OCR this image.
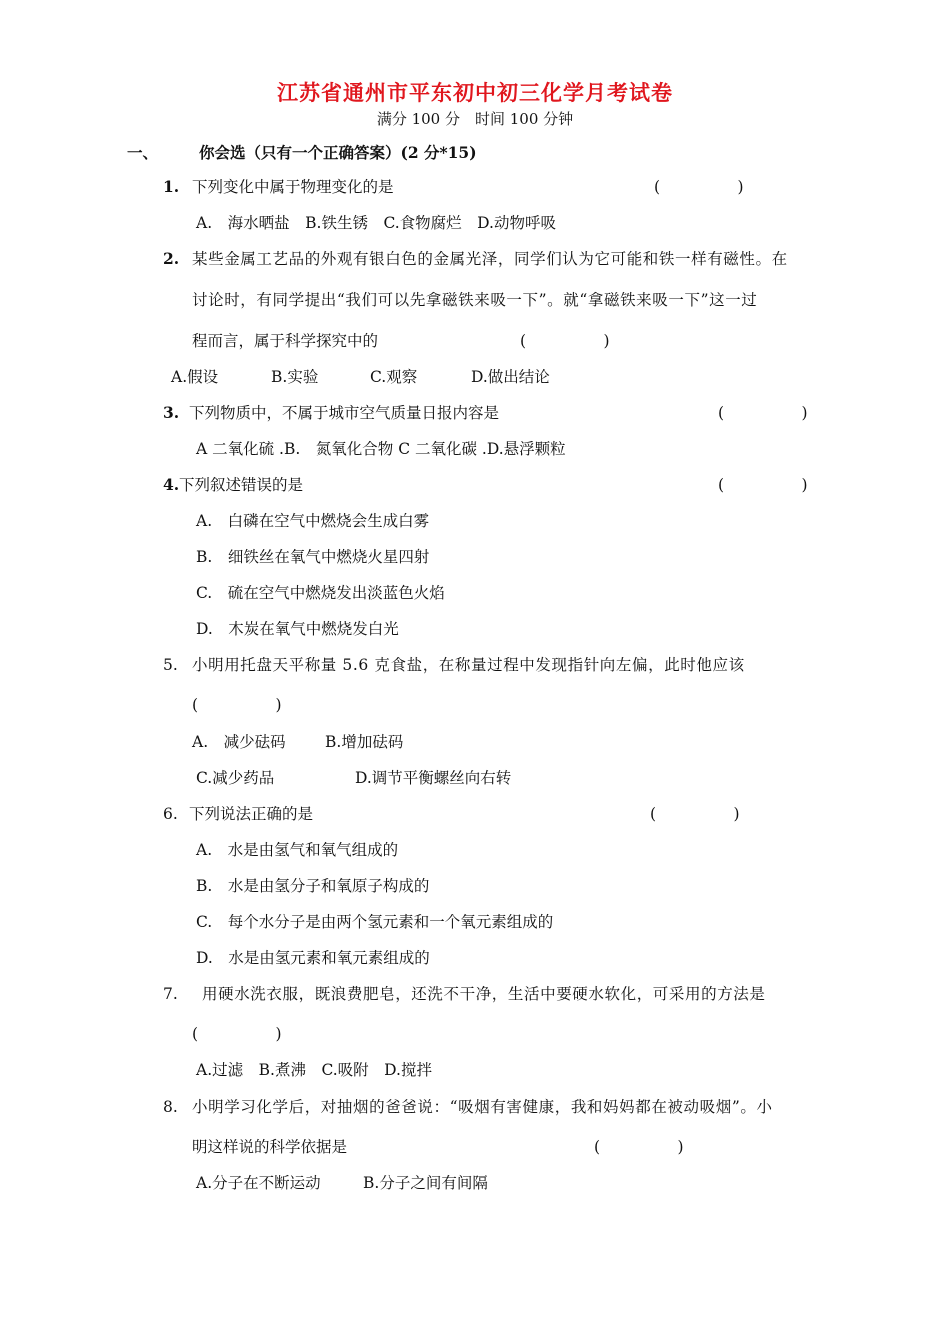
江苏省通州市平东初中初三化学月考试卷
满分 100 分　时间 100 分钟
一、	你会选（只有一个正确答案）(2 分*15)
1. 下列变化中属于物理变化的是	(　　　　　)
A.　海水晒盐　B.铁生锈　C.食物腐烂　D.动物呼吸
2. 某些金属工艺品的外观有银白色的金属光泽，同学们认为它可能和铁一样有磁性。在
讨论时，有同学提出“我们可以先拿磁铁来吸一下”。就“拿磁铁来吸一下”这一过
程而言，属于科学探究中的	(　　　　　)
A.假设	B.实验	C.观察	D.做出结论
3. 下列物质中，不属于城市空气质量日报内容是	(　　　　　)
A 二氧化硫 .B.　氮氧化合物 C 二氧化碳 .D.悬浮颗粒
4. 下列叙述错误的是	(　　　　　)
A.　白磷在空气中燃烧会生成白雾
B.　细铁丝在氧气中燃烧火星四射
C.　硫在空气中燃烧发出淡蓝色火焰
D.　木炭在氧气中燃烧发白光
5. 小明用托盘天平称量 5.6 克食盐，在称量过程中发现指针向左偏，此时他应该
(　　　　　)
A.　减少砝码	B.增加砝码
C.减少药品	D.调节平衡螺丝向右转
6. 下列说法正确的是	(　　　　　)
A.　水是由氢气和氧气组成的
B.　水是由氢分子和氧原子构成的
C.　每个水分子是由两个氢元素和一个氧元素组成的
D.　水是由氢元素和氧元素组成的
7. 用硬水洗衣服，既浪费肥皂，还洗不干净，生活中要硬水软化，可采用的方法是
(　　　　　)
A.过滤　B.煮沸　C.吸附　D.搅拌
8. 小明学习化学后，对抽烟的爸爸说：“吸烟有害健康，我和妈妈都在被动吸烟”。小
明这样说的科学依据是	(　　　　　)
A.分子在不断运动	B.分子之间有间隔
